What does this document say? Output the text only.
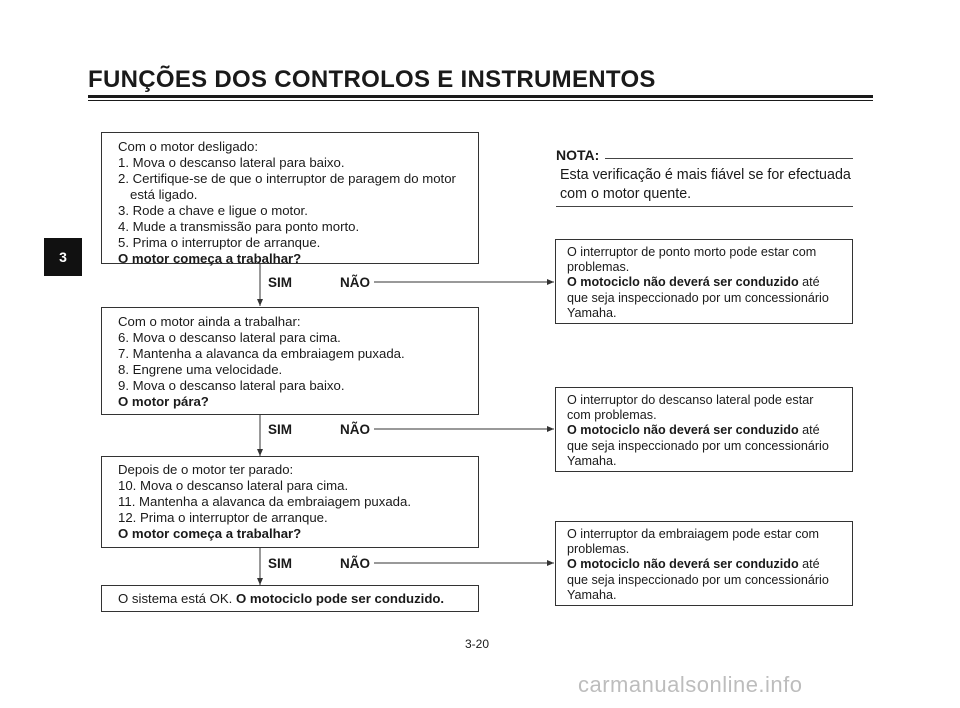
FUNÇÕES DOS CONTROLOS E INSTRUMENTOS
3
NOTA:
Esta verificação é mais fiável se for efectuada
com o motor quente.
Com o motor desligado:
1. Mova o descanso lateral para baixo.
2. Certifique-se de que o interruptor de paragem do motor
está ligado.
3. Rode a chave e ligue o motor.
4. Mude a transmissão para ponto morto.
5. Prima o interruptor de arranque.
O motor começa a trabalhar?
SIM	NÃO
Com o motor ainda a trabalhar:
6. Mova o descanso lateral para cima.
7. Mantenha a alavanca da embraiagem puxada.
8. Engrene uma velocidade.
9. Mova o descanso lateral para baixo.
O motor pára?
SIM	NÃO
Depois de o motor ter parado:
10. Mova o descanso lateral para cima.
11. Mantenha a alavanca da embraiagem puxada.
12. Prima o interruptor de arranque.
O motor começa a trabalhar?
SIM	NÃO
O sistema está OK. O motociclo pode ser conduzido.
O interruptor de ponto morto pode estar com
problemas.
O motociclo não deverá ser conduzido até
que seja inspeccionado por um concessionário
Yamaha.
O interruptor do descanso lateral pode estar
com problemas.
O motociclo não deverá ser conduzido até
que seja inspeccionado por um concessionário
Yamaha.
O interruptor da embraiagem pode estar com
problemas.
O motociclo não deverá ser conduzido até
que seja inspeccionado por um concessionário
Yamaha.
3-20
carmanualsonline.info
